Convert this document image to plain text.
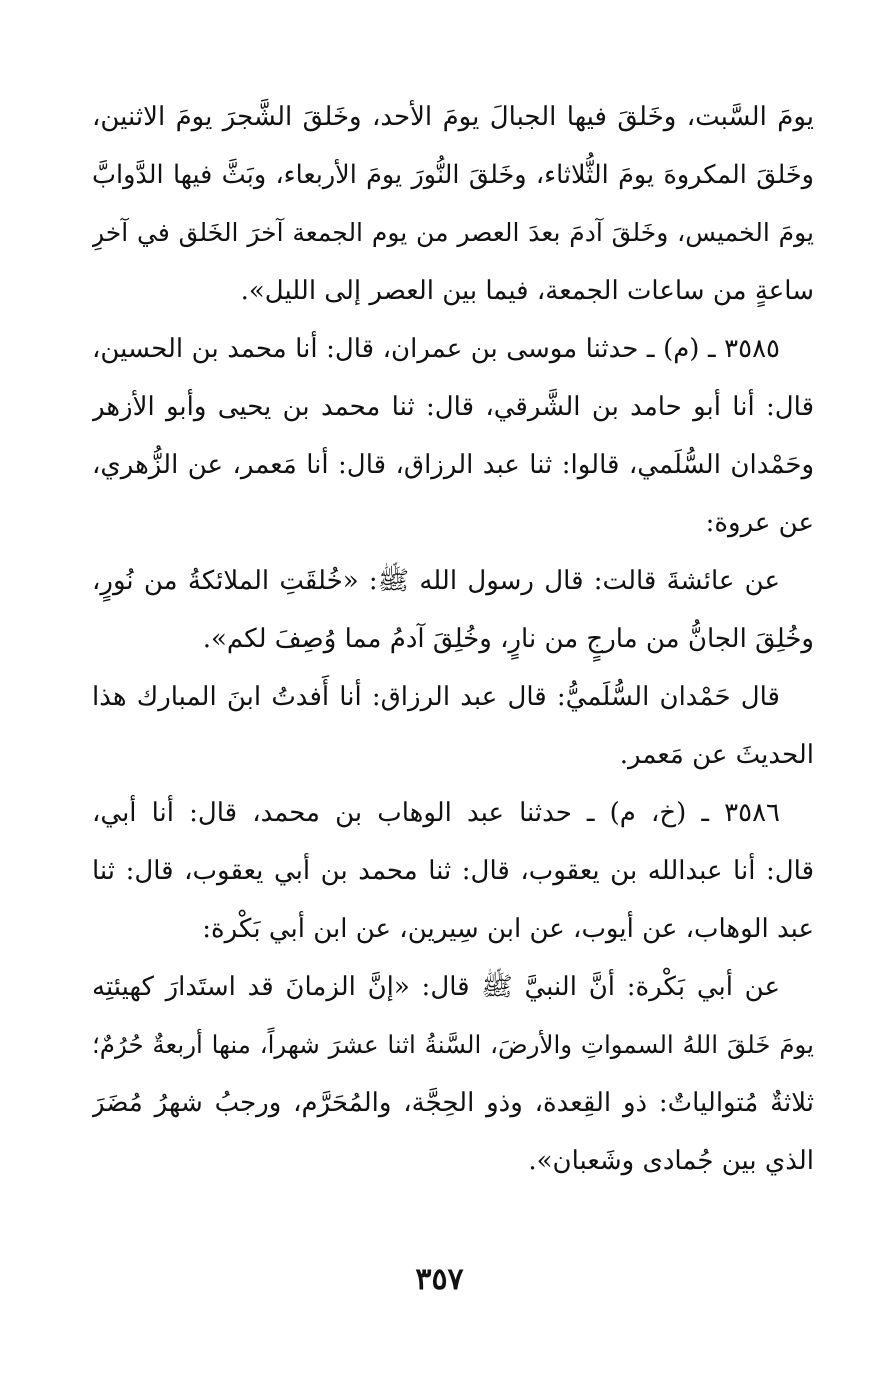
يومَ السَّبت، وخَلقَ فيها الجبالَ يومَ الأحد، وخَلقَ الشَّجرَ يومَ الاثنين،
وخَلقَ المكروهَ يومَ الثُّلاثاء، وخَلقَ النُّورَ يومَ الأربعاء، وبَثَّ فيها الدَّوابَّ
يومَ الخميس، وخَلقَ آدمَ بعدَ العصر من يوم الجمعة آخرَ الخَلق في آخرِ
ساعةٍ من ساعات الجمعة، فيما بين العصر إلى الليل».
٣٥٨٥ ـ (م) ـ حدثنا موسى بن عمران، قال: أنا محمد بن الحسين،
قال: أنا أبو حامد بن الشَّرقي، قال: ثنا محمد بن يحيى وأبو الأزهر
وحَمْدان السُّلَمي، قالوا: ثنا عبد الرزاق، قال: أنا مَعمر، عن الزُّهري،
عن عروة:
عن عائشةَ قالت: قال رسول الله ﷺ: «خُلقَتِ الملائكةُ من نُورٍ،
وخُلِقَ الجانُّ من مارجٍ من نارٍ، وخُلِقَ آدمُ مما وُصِفَ لكم».
قال حَمْدان السُّلَميُّ: قال عبد الرزاق: أنا أَفدتُ ابنَ المبارك هذا
الحديثَ عن مَعمر.
٣٥٨٦ ـ (خ، م) ـ حدثنا عبد الوهاب بن محمد، قال: أنا أبي،
قال: أنا عبدالله بن يعقوب، قال: ثنا محمد بن أبي يعقوب، قال: ثنا
عبد الوهاب، عن أيوب، عن ابن سِيرين، عن ابن أبي بَكْرة:
عن أبي بَكْرة: أنَّ النبيَّ ﷺ قال: «إنَّ الزمانَ قد استَدارَ كهيئتِه
يومَ خَلقَ اللهُ السمواتِ والأرضَ، السَّنةُ اثنا عشرَ شهراً، منها أربعةٌ حُرُمٌ؛
ثلاثةٌ مُتوالياتٌ: ذو القِعدة، وذو الحِجَّة، والمُحَرَّم، ورجبُ شهرُ مُضَرَ
الذي بين جُمادى وشَعبان».
٣٥٧
